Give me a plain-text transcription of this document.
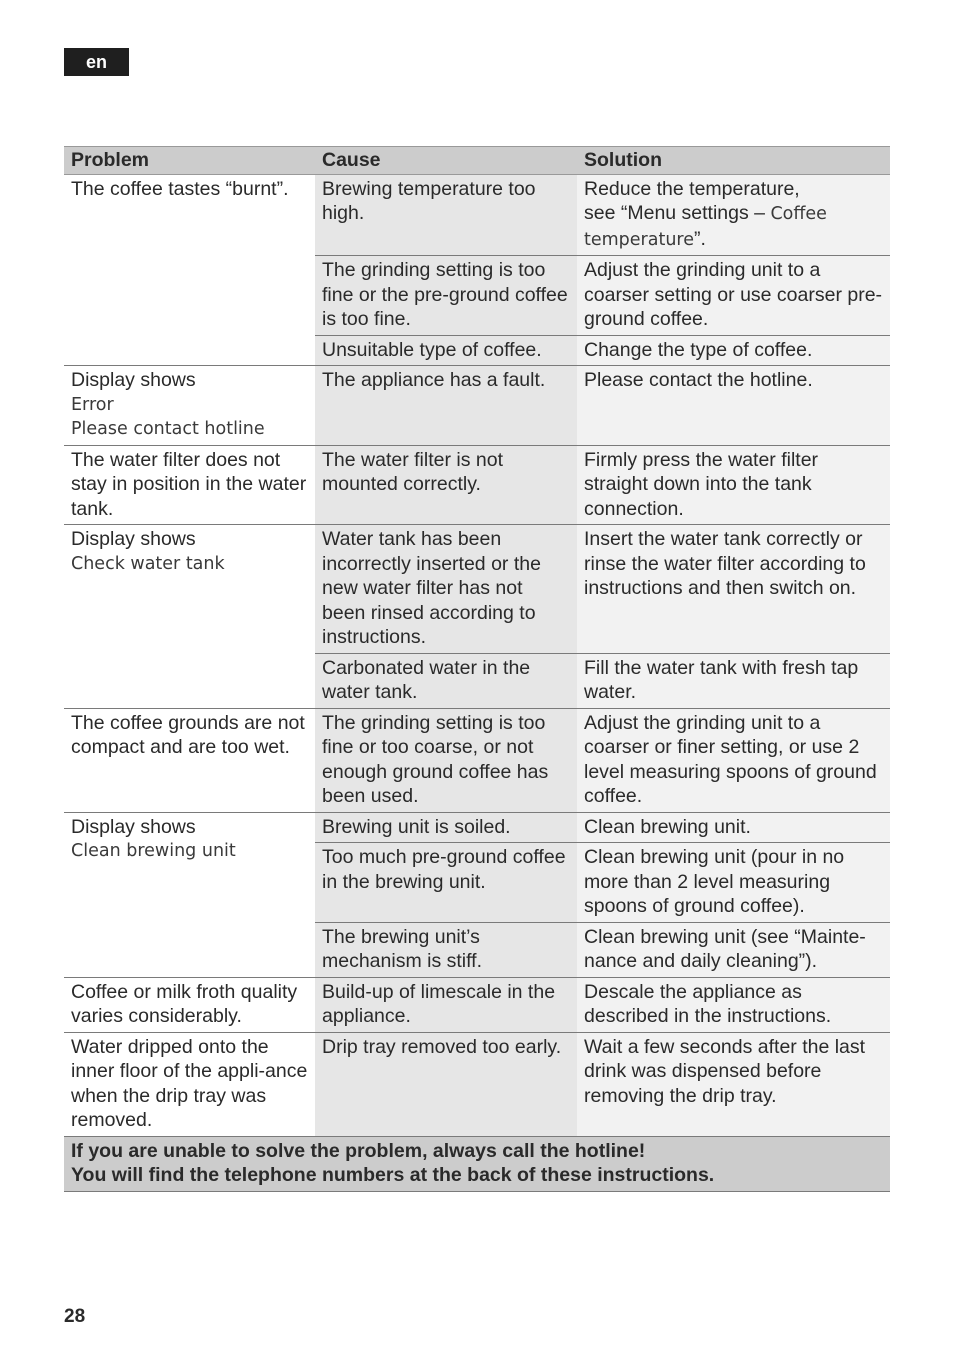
en
Problem	Cause	Solution
The coffee tastes “burnt”.	Brewing temperature too high.	Reduce the temperature,
see “Menu settings – Coffee temperature”.
	The grinding setting is too fine or the pre-ground coffee is too fine.	Adjust the grinding unit to a coarser setting or use coarser pre-ground coffee.
	Unsuitable type of coffee.	Change the type of coffee.
Display shows
Error
Please contact hotline	The appliance has a fault.	Please contact the hotline.
The water filter does not stay in position in the water tank.	The water filter is not mounted correctly.	Firmly press the water filter straight down into the tank connection.
Display shows
Check water tank	Water tank has been incorrectly inserted or the new water filter has not been rinsed according to instructions.	Insert the water tank correctly or rinse the water filter according to instructions and then switch on.
	Carbonated water in the water tank.	Fill the water tank with fresh tap water.
The coffee grounds are not compact and are too wet.	The grinding setting is too fine or too coarse, or not enough ground coffee has been used.	Adjust the grinding unit to a coarser or finer setting, or use 2 level measuring spoons of ground coffee.
Display shows
Clean brewing unit	Brewing unit is soiled.	Clean brewing unit.
	Too much pre-ground coffee in the brewing unit.	Clean brewing unit (pour in no more than 2 level measuring spoons of ground coffee).
	The brewing unit’s mechanism is stiff.	Clean brewing unit (see “Mainte-nance and daily cleaning”).
Coffee or milk froth quality varies considerably.	Build-up of limescale in the appliance.	Descale the appliance as described in the instructions.
Water dripped onto the inner floor of the appli-ance when the drip tray was removed.	Drip tray removed too early.	Wait a few seconds after the last drink was dispensed before removing the drip tray.

If you are unable to solve the problem, always call the hotline!
You will find the telephone numbers at the back of these instructions.		
28
